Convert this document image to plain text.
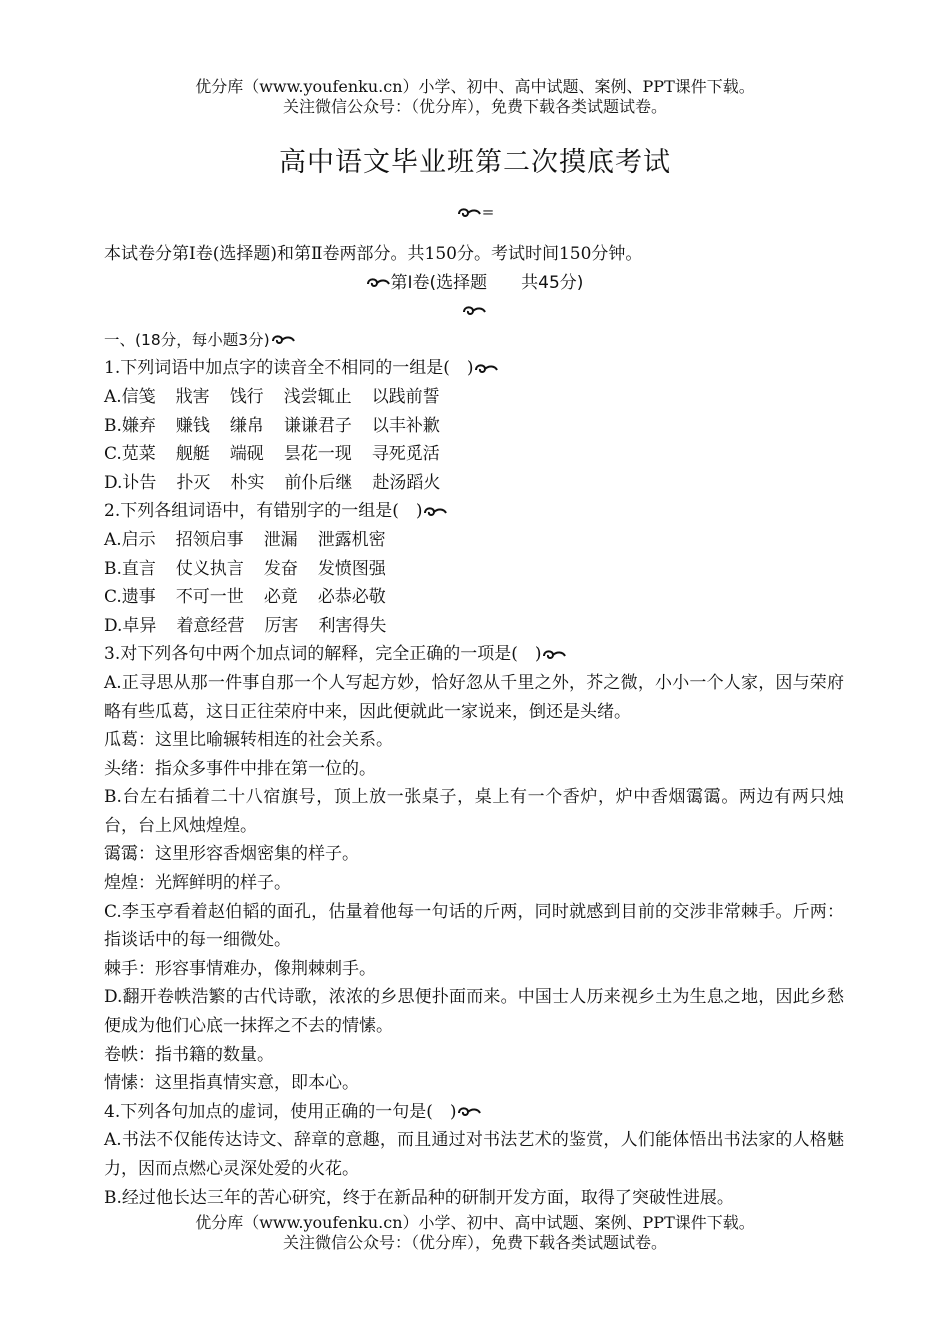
优分库（www.youfenku.cn）小学、初中、高中试题、案例、PPT课件下载。
关注微信公众号：（优分库），免费下载各类试题试卷。
高中语文毕业班第二次摸底考试
=
本试卷分第Ⅰ卷(选择题)和第Ⅱ卷两部分。共150分。考试时间150分钟。
第Ⅰ卷(选择题　　共45分)
一、(18分，每小题3分)
1.下列词语中加点字的读音全不相同的一组是(　)
A.信笺 戕害 饯行 浅尝辄止 以践前誓
B.嫌弃 赚钱 缣帛 谦谦君子 以丰补歉
C.苋菜 舰艇 端砚 昙花一现 寻死觅活
D.讣告 扑灭 朴实 前仆后继 赴汤蹈火
2.下列各组词语中，有错别字的一组是(　)
A.启示 招领启事 泄漏 泄露机密
B.直言 仗义执言 发奋 发愤图强
C.遗事 不可一世 必竟 必恭必敬
D.卓异 着意经营 厉害 利害得失
3.对下列各句中两个加点词的解释，完全正确的一项是(　)
A.正寻思从那一件事自那一个人写起方妙，恰好忽从千里之外，芥之微，小小一个人家，因与荣府略有些瓜葛，这日正往荣府中来，因此便就此一家说来，倒还是头绪。
瓜葛：这里比喻辗转相连的社会关系。
头绪：指众多事件中排在第一位的。
B.台左右插着二十八宿旗号，顶上放一张桌子，桌上有一个香炉，炉中香烟霭霭。两边有两只烛台，台上风烛煌煌。
霭霭：这里形容香烟密集的样子。
煌煌：光辉鲜明的样子。
C.李玉亭看着赵伯韬的面孔，估量着他每一句话的斤两，同时就感到目前的交涉非常棘手。斤两：指谈话中的每一细微处。
棘手：形容事情难办，像荆棘刺手。
D.翻开卷帙浩繁的古代诗歌，浓浓的乡思便扑面而来。中国士人历来视乡土为生息之地，因此乡愁便成为他们心底一抹挥之不去的情愫。
卷帙：指书籍的数量。
情愫：这里指真情实意，即本心。
4.下列各句加点的虚词，使用正确的一句是(　)
A.书法不仅能传达诗文、辞章的意趣，而且通过对书法艺术的鉴赏，人们能体悟出书法家的人格魅力，因而点燃心灵深处爱的火花。
B.经过他长达三年的苦心研究，终于在新品种的研制开发方面，取得了突破性进展。
优分库（www.youfenku.cn）小学、初中、高中试题、案例、PPT课件下载。
关注微信公众号：（优分库），免费下载各类试题试卷。
